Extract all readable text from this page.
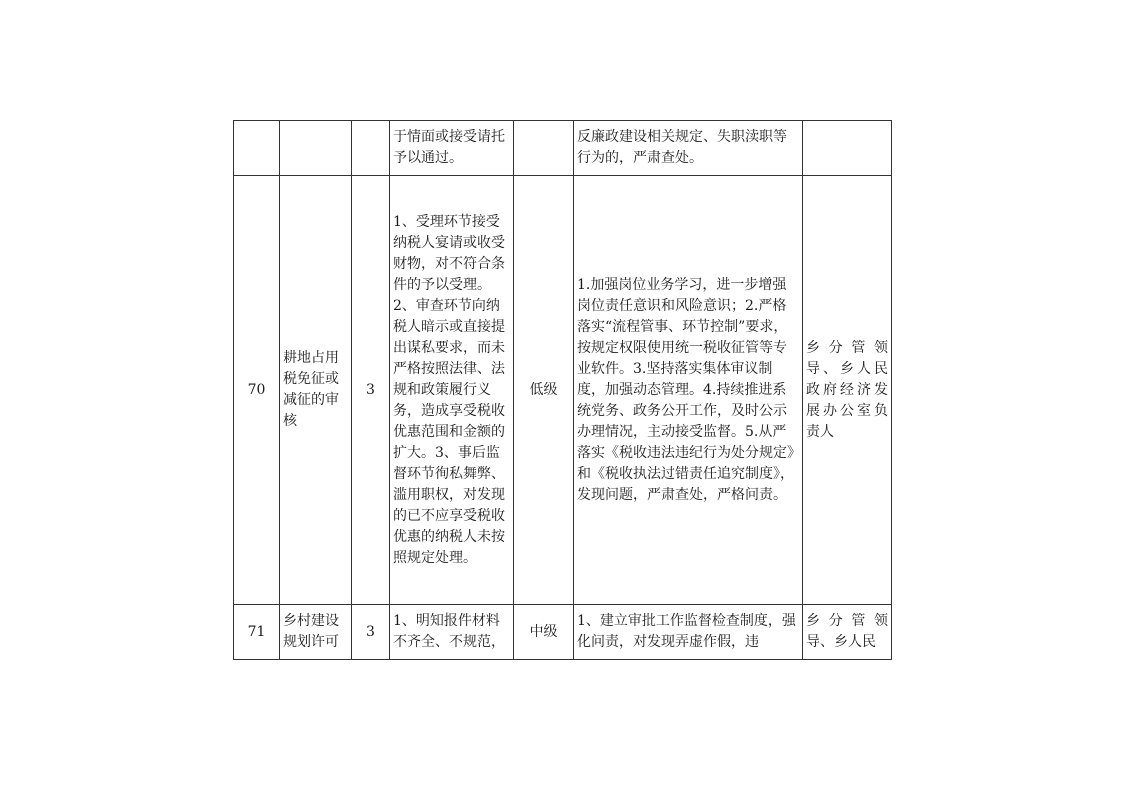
			于情面或接受请托予以通过。		反廉政建设相关规定、失职渎职等行为的，严肃查处。	
70	耕地占用税免征或减征的审核	3	1、受理环节接受纳税人宴请或收受财物，对不符合条件的予以受理。2、审查环节向纳税人暗示或直接提出谋私要求，而未严格按照法律、法规和政策履行义务，造成享受税收优惠范围和金额的扩大。3、事后监督环节徇私舞弊、滥用职权，对发现的已不应享受税收优惠的纳税人未按照规定处理。	低级	1.加强岗位业务学习，进一步增强岗位责任意识和风险意识；2.严格落实“流程管事、环节控制”要求，按规定权限使用统一税收征管等专业软件。3.坚持落实集体审议制度，加强动态管理。4.持续推进系统党务、政务公开工作，及时公示办理情况，主动接受监督。5.从严落实《税收违法违纪行为处分规定》和《税收执法过错责任追究制度》，发现问题，严肃查处，严格问责。	乡分管领导、乡人民政府经济发展办公室负责人
71	乡村建设规划许可	3	1、明知报件材料不齐全、不规范，	中级	1、建立审批工作监督检查制度，强化问责，对发现弄虚作假，违	乡分管领导、乡人民
